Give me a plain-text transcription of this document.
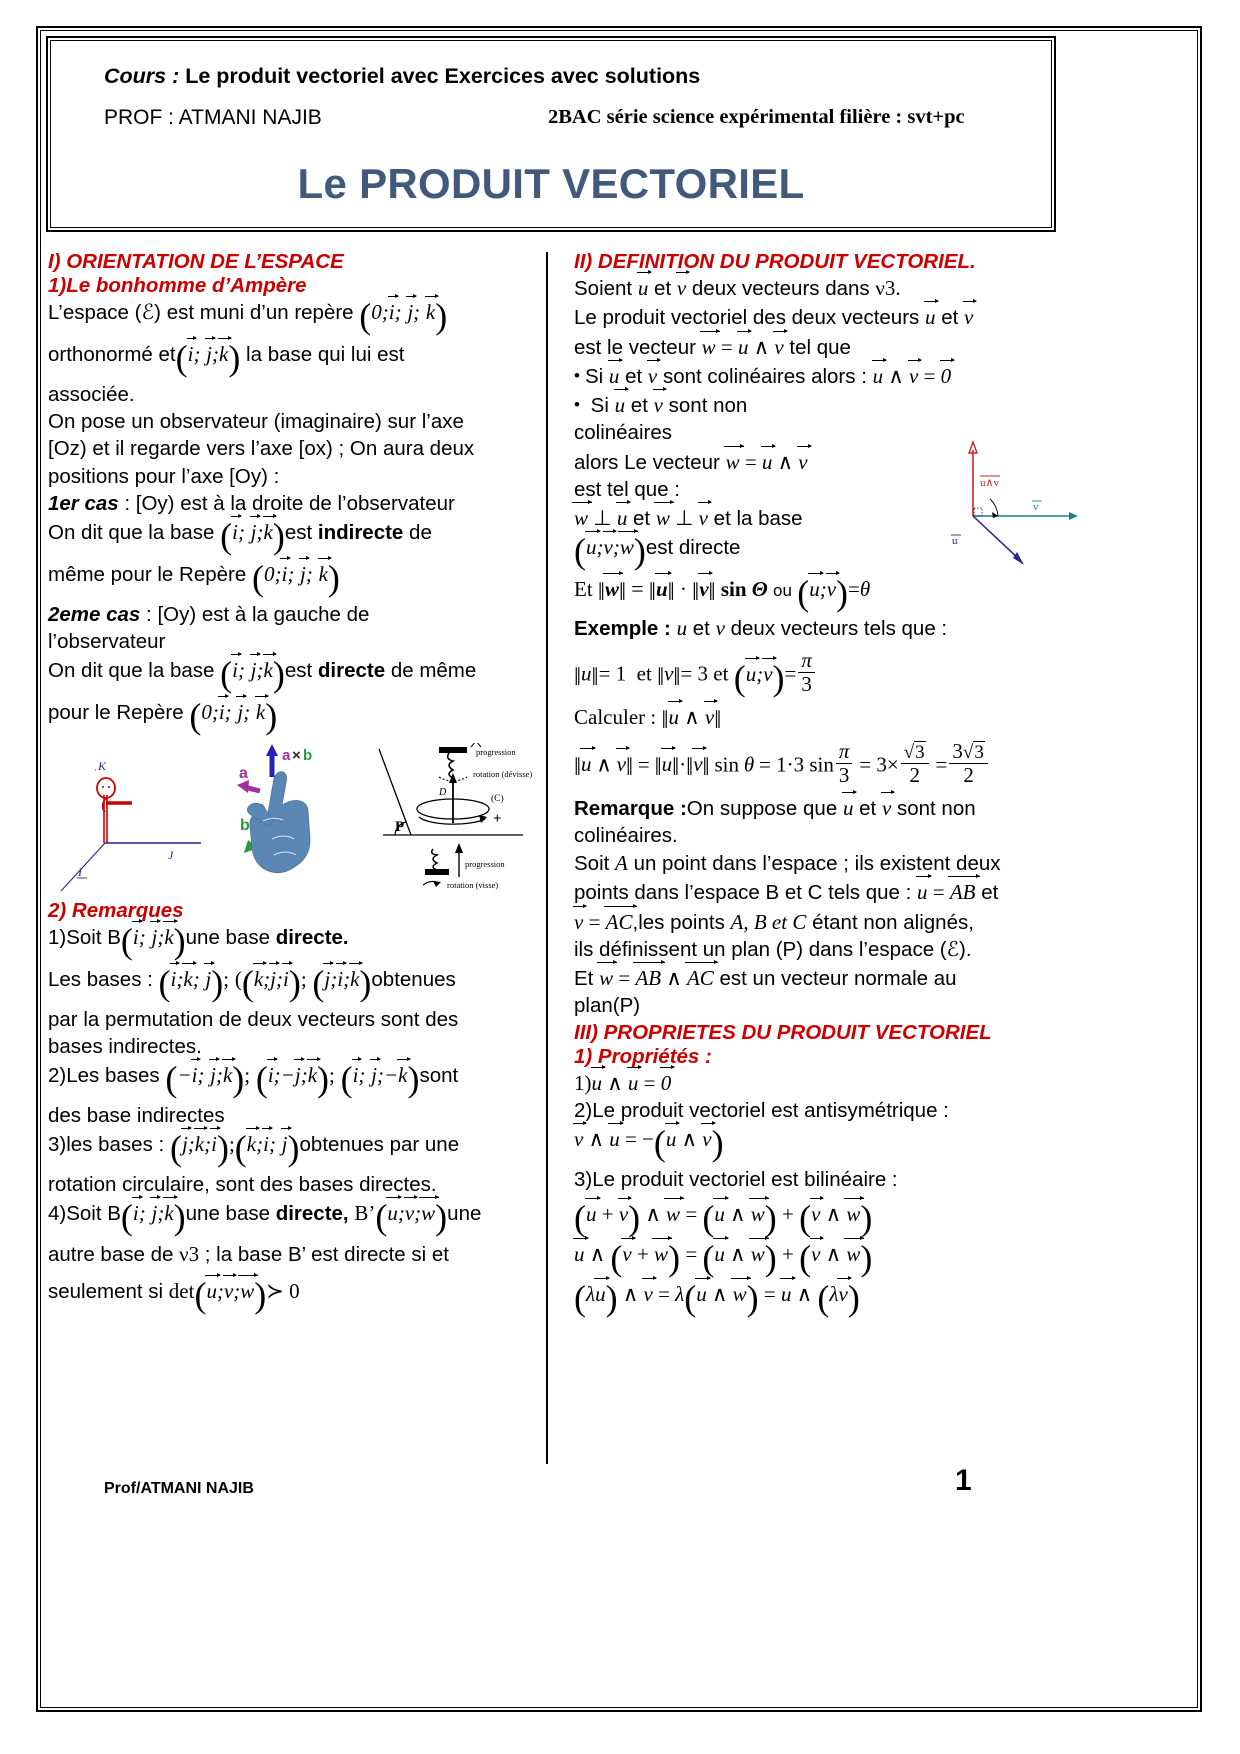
Cours : Le produit vectoriel avec Exercices avec solutions
PROF : ATMANI NAJIB	2BAC série science expérimental filière : svt+pc
Le PRODUIT VECTORIEL
I) ORIENTATION DE L’ESPACE
1)Le bonhomme d’Ampère
L’espace (ℰ) est muni d’un repère (0;i; j; k)
orthonormé et(i; j;k) la base qui lui est
associée.
On pose un observateur (imaginaire) sur l’axe
[Oz) et il regarde vers l’axe [ox) ; On aura deux
positions pour l’axe [Oy) :
1er cas : [Oy) est à la droite de l’observateur
On dit que la base (i; j;k)est indirecte de
même pour le Repère (0;i; j; k)
2eme cas : [Oy) est à la gauche de
l’observateur
On dit que la base (i; j;k)est directe de même
pour le Repère (0;i; j; k)
K
·
J
I
a × b
a
b	P
progression
rotation (dévisse)
D
(C)
+
progression
rotation (visse)
2) Remarques
1)Soit B(i; j;k)une base directe.
Les bases : (i;k; j); ((k;j;i); (j;i;k)obtenues
par la permutation de deux vecteurs sont des
bases indirectes.
2)Les bases (−i; j;k); (i;−j;k); (i; j;−k)sont
des base indirectes
3)les bases : (j;k;i);(k;i; j)obtenues par une
rotation circulaire, sont des bases directes.
4)Soit B(i; j;k)une base directe, B’(u;v;w)une
autre base de ν3 ; la base B’ est directe si et
seulement si det(u;v;w)≻ 0
II) DEFINITION DU PRODUIT VECTORIEL.
Soient u et v deux vecteurs dans ν3.
Le produit vectoriel des deux vecteurs u et v
est le vecteur w = u ∧ v tel que
• Si u et v sont colinéaires alors : u ∧ v = 0
•  Si u et v sont non
colinéaires
alors Le vecteur w = u ∧ v
est tel que :
w ⊥ u et w ⊥ v et la base
(u;v;w)est directe
u∧v
v
u
Et ‖w‖ = ‖u‖ · ‖v‖ sin Θ ou (u;v)=θ
Exemple : u et v deux vecteurs tels que :
‖u‖= 1 et ‖v‖= 3 et (u;v)= $\frac{\pi}{3}$
Calculer : ‖u ∧ v‖
‖u ∧ v‖ = ‖u‖·‖v‖ sin θ = 1·3 $\sin \frac{\pi}{3} = 3\times \frac{√3}{2} = \frac{3√3}{2}$
Remarque :On suppose que u et v sont non
colinéaires.
Soit A un point dans l’espace ; ils existent deux
points dans l’espace B et C tels que : u = AB et
v = AC,les points A, B et C étant non alignés,
ils définissent un plan (P) dans l’espace (ℰ).
Et w = AB ∧ AC est un vecteur normale au
plan(P)
III) PROPRIETES DU PRODUIT VECTORIEL
1) Propriétés :
1)u ∧ u = 0
2)Le produit vectoriel est antisymétrique :
v ∧ u = −(u ∧ v)
3)Le produit vectoriel est bilinéaire :
(u + v) ∧ w = (u ∧ w) + (v ∧ w)
u ∧ (v + w) = (u ∧ w) + (v ∧ w)
(λu) ∧ v = λ(u ∧ w) = u ∧ (λv)
Prof/ATMANI NAJIB	1
